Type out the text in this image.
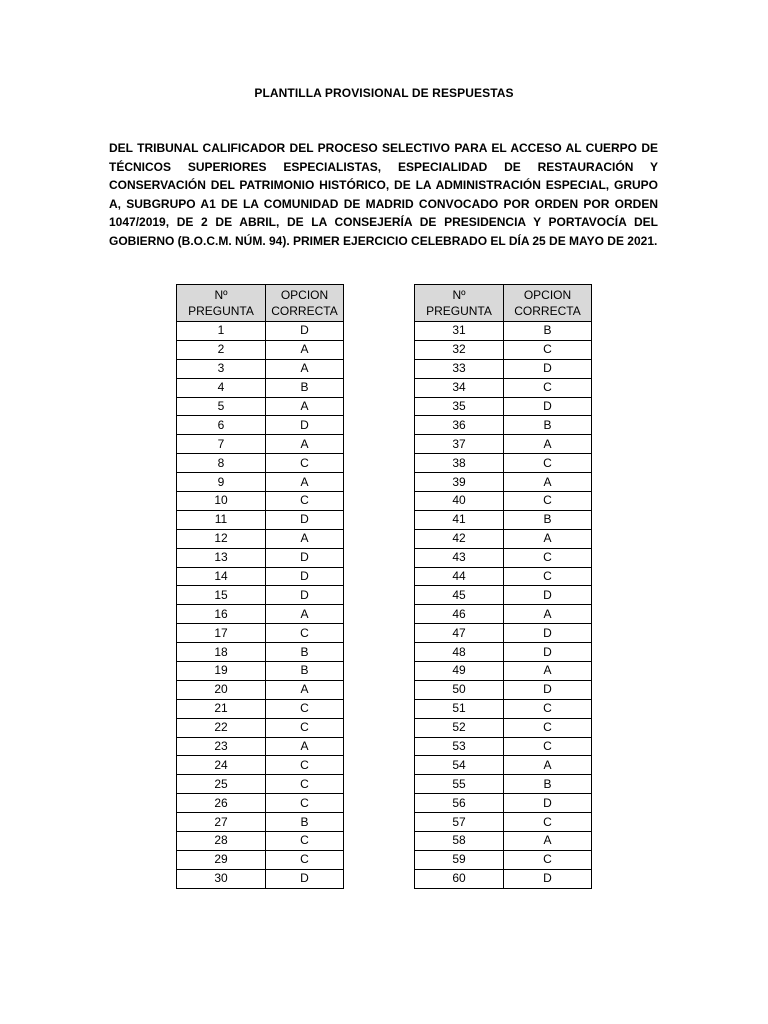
PLANTILLA PROVISIONAL DE RESPUESTAS

DEL TRIBUNAL CALIFICADOR DEL PROCESO SELECTIVO PARA EL ACCESO AL CUERPO DE TÉCNICOS SUPERIORES ESPECIALISTAS, ESPECIALIDAD DE RESTAURACIÓN Y CONSERVACIÓN DEL PATRIMONIO HISTÓRICO, DE LA ADMINISTRACIÓN ESPECIAL, GRUPO A, SUBGRUPO A1 DE LA COMUNIDAD DE MADRID CONVOCADO POR ORDEN POR ORDEN 1047/2019, DE 2 DE ABRIL, DE LA CONSEJERÍA DE PRESIDENCIA Y PORTAVOCÍA DEL GOBIERNO (B.O.C.M. NÚM. 94). PRIMER EJERCICIO CELEBRADO EL DÍA 25 DE MAYO DE 2021.

Nº
PREGUNTA	OPCION
CORRECTA
1	D
2	A
3	A
4	B
5	A
6	D
7	A
8	C
9	A
10	C
11	D
12	A
13	D
14	D
15	D
16	A
17	C
18	B
19	B
20	A
21	C
22	C
23	A
24	C
25	C
26	C
27	B
28	C
29	C
30	D
Nº
PREGUNTA	OPCION
CORRECTA
31	B
32	C
33	D
34	C
35	D
36	B
37	A
38	C
39	A
40	C
41	B
42	A
43	C
44	C
45	D
46	A
47	D
48	D
49	A
50	D
51	C
52	C
53	C
54	A
55	B
56	D
57	C
58	A
59	C
60	D
